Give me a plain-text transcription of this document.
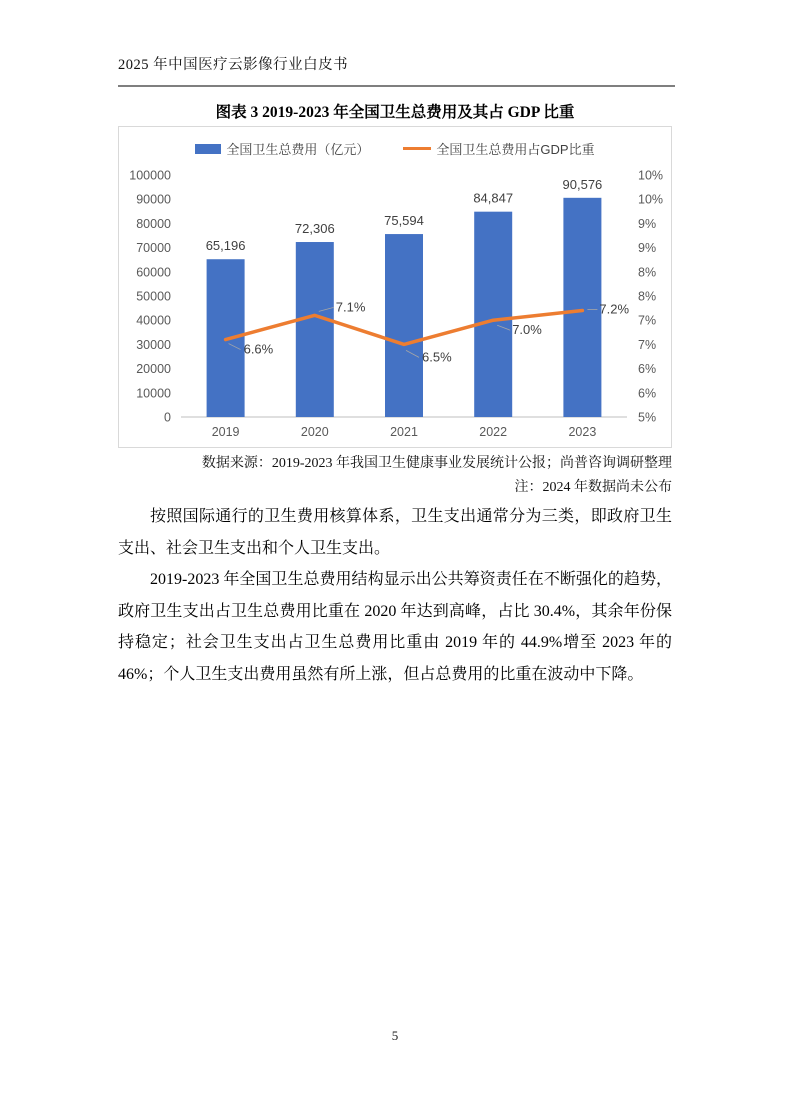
2025 年中国医疗云影像行业白皮书
图表 3 2019-2023 年全国卫生总费用及其占 GDP 比重
100000
90000
80000
70000
60000
50000
40000
30000
20000
10000
0
10%
10%
9%
9%
8%
8%
7%
7%
6%
6%
5%
65,196
2019
72,306
2020
75,594
2021
84,847
2022
90,576
2023
6.6%
7.1%
6.5%
7.0%
7.2%
全国卫生总费用（亿元）	全国卫生总费用占GDP比重
数据来源：2019-2023 年我国卫生健康事业发展统计公报；尚普咨询调研整理
注：2024 年数据尚未公布

按照国际通行的卫生费用核算体系，卫生支出通常分为三类，即政府卫生支出、社会卫生支出和个人卫生支出。

2019-2023 年全国卫生总费用结构显示出公共筹资责任在不断强化的趋势，政府卫生支出占卫生总费用比重在 2020 年达到高峰，占比 30.4%，其余年份保持稳定；社会卫生支出占卫生总费用比重由 2019 年的 44.9%增至 2023 年的 46%；个人卫生支出费用虽然有所上涨，但占总费用的比重在波动中下降。

5
